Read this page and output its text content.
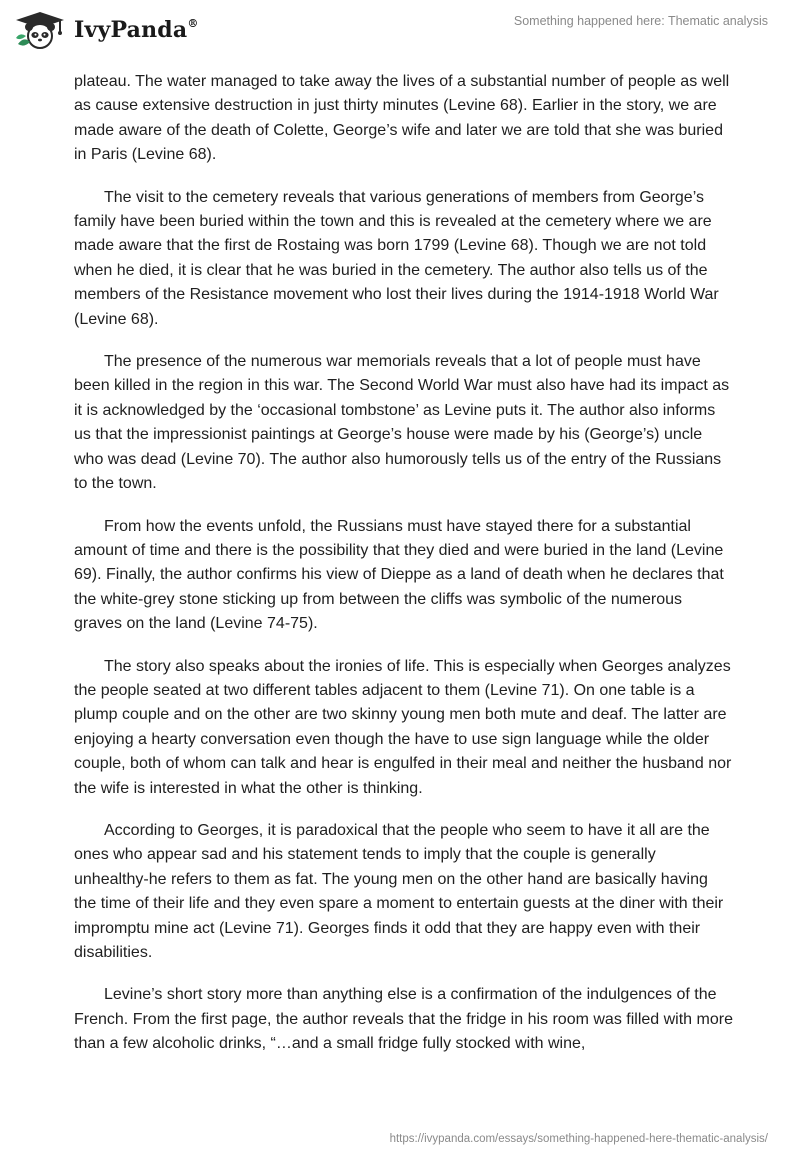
IvyPanda®	Something happened here: Thematic analysis

plateau. The water managed to take away the lives of a substantial number of people as well as cause extensive destruction in just thirty minutes (Levine 68). Earlier in the story, we are made aware of the death of Colette, George’s wife and later we are told that she was buried in Paris (Levine 68).

The visit to the cemetery reveals that various generations of members from George’s family have been buried within the town and this is revealed at the cemetery where we are made aware that the first de Rostaing was born 1799 (Levine 68). Though we are not told when he died, it is clear that he was buried in the cemetery. The author also tells us of the members of the Resistance movement who lost their lives during the 1914-1918 World War (Levine 68).

The presence of the numerous war memorials reveals that a lot of people must have been killed in the region in this war. The Second World War must also have had its impact as it is acknowledged by the ‘occasional tombstone’ as Levine puts it. The author also informs us that the impressionist paintings at George’s house were made by his (George’s) uncle who was dead (Levine 70). The author also humorously tells us of the entry of the Russians to the town.

From how the events unfold, the Russians must have stayed there for a substantial amount of time and there is the possibility that they died and were buried in the land (Levine 69). Finally, the author confirms his view of Dieppe as a land of death when he declares that the white-grey stone sticking up from between the cliffs was symbolic of the numerous graves on the land (Levine 74-75).

The story also speaks about the ironies of life. This is especially when Georges analyzes the people seated at two different tables adjacent to them (Levine 71). On one table is a plump couple and on the other are two skinny young men both mute and deaf. The latter are enjoying a hearty conversation even though the have to use sign language while the older couple, both of whom can talk and hear is engulfed in their meal and neither the husband nor the wife is interested in what the other is thinking.

According to Georges, it is paradoxical that the people who seem to have it all are the ones who appear sad and his statement tends to imply that the couple is generally unhealthy-he refers to them as fat. The young men on the other hand are basically having the time of their life and they even spare a moment to entertain guests at the diner with their impromptu mine act (Levine 71). Georges finds it odd that they are happy even with their disabilities.

Levine’s short story more than anything else is a confirmation of the indulgences of the French. From the first page, the author reveals that the fridge in his room was filled with more than a few alcoholic drinks, “…and a small fridge fully stocked with wine,

https://ivypanda.com/essays/something-happened-here-thematic-analysis/
